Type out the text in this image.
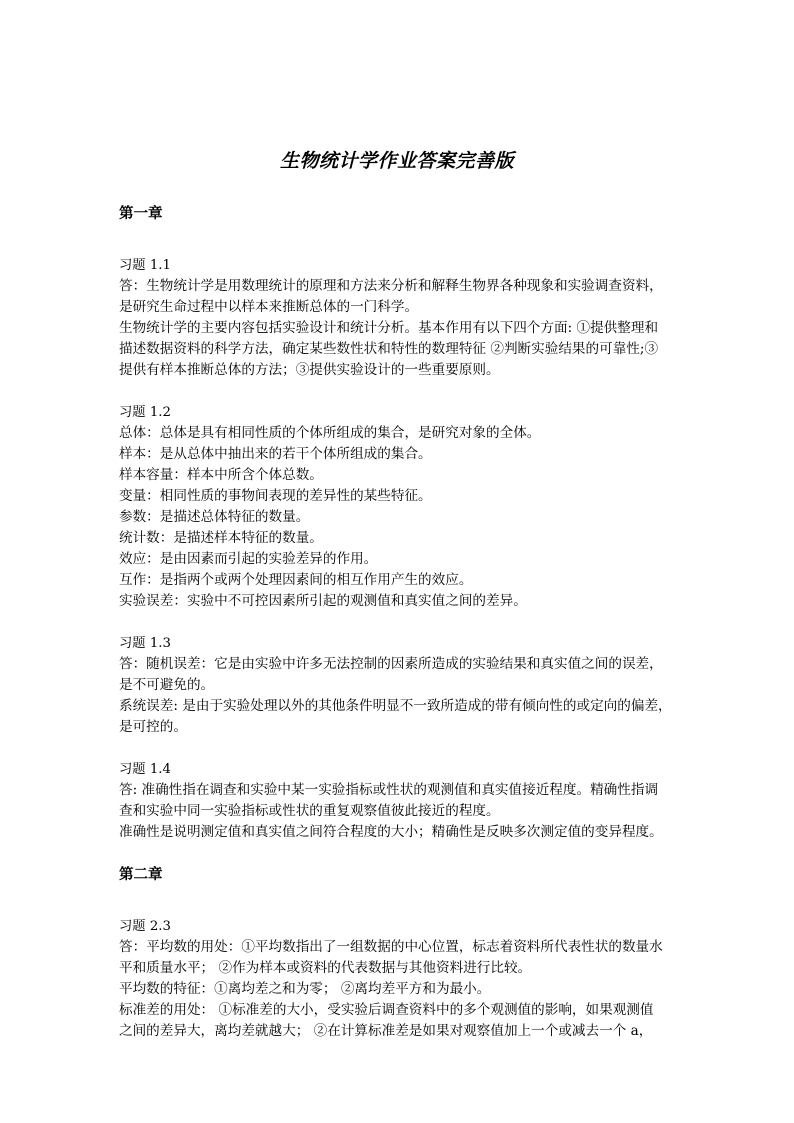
生物统计学作业答案完善版

第一章

习题 1.1

答：生物统计学是用数理统计的原理和方法来分析和解释生物界各种现象和实验调查资料，

是研究生命过程中以样本来推断总体的一门科学。

生物统计学的主要内容包括实验设计和统计分析。基本作用有以下四个方面: ①提供整理和

描述数据资料的科学方法，确定某些数性状和特性的数理特征 ②判断实验结果的可靠性;③

提供有样本推断总体的方法；③提供实验设计的一些重要原则。

习题 1.2

总体：总体是具有相同性质的个体所组成的集合，是研究对象的全体。

样本：是从总体中抽出来的若干个体所组成的集合。

样本容量：样本中所含个体总数。

变量：相同性质的事物间表现的差异性的某些特征。

参数：是描述总体特征的数量。

统计数：是描述样本特征的数量。

效应：是由因素而引起的实验差异的作用。

互作：是指两个或两个处理因素间的相互作用产生的效应。

实验误差：实验中不可控因素所引起的观测值和真实值之间的差异。

习题 1.3

答：随机误差：它是由实验中许多无法控制的因素所造成的实验结果和真实值之间的误差，

是不可避免的。

系统误差: 是由于实验处理以外的其他条件明显不一致所造成的带有倾向性的或定向的偏差，

是可控的。

习题 1.4

答: 准确性指在调查和实验中某一实验指标或性状的观测值和真实值接近程度。精确性指调

查和实验中同一实验指标或性状的重复观察值彼此接近的程度。

准确性是说明测定值和真实值之间符合程度的大小；精确性是反映多次测定值的变异程度。

第二章

习题 2.3

答：平均数的用处：①平均数指出了一组数据的中心位置，标志着资料所代表性状的数量水

平和质量水平； ②作为样本或资料的代表数据与其他资料进行比较。

平均数的特征：①离均差之和为零； ②离均差平方和为最小。

标准差的用处： ①标准差的大小，受实验后调查资料中的多个观测值的影响，如果观测值

之间的差异大，离均差就越大； ②在计算标准差是如果对观察值加上一个或减去一个 a，
